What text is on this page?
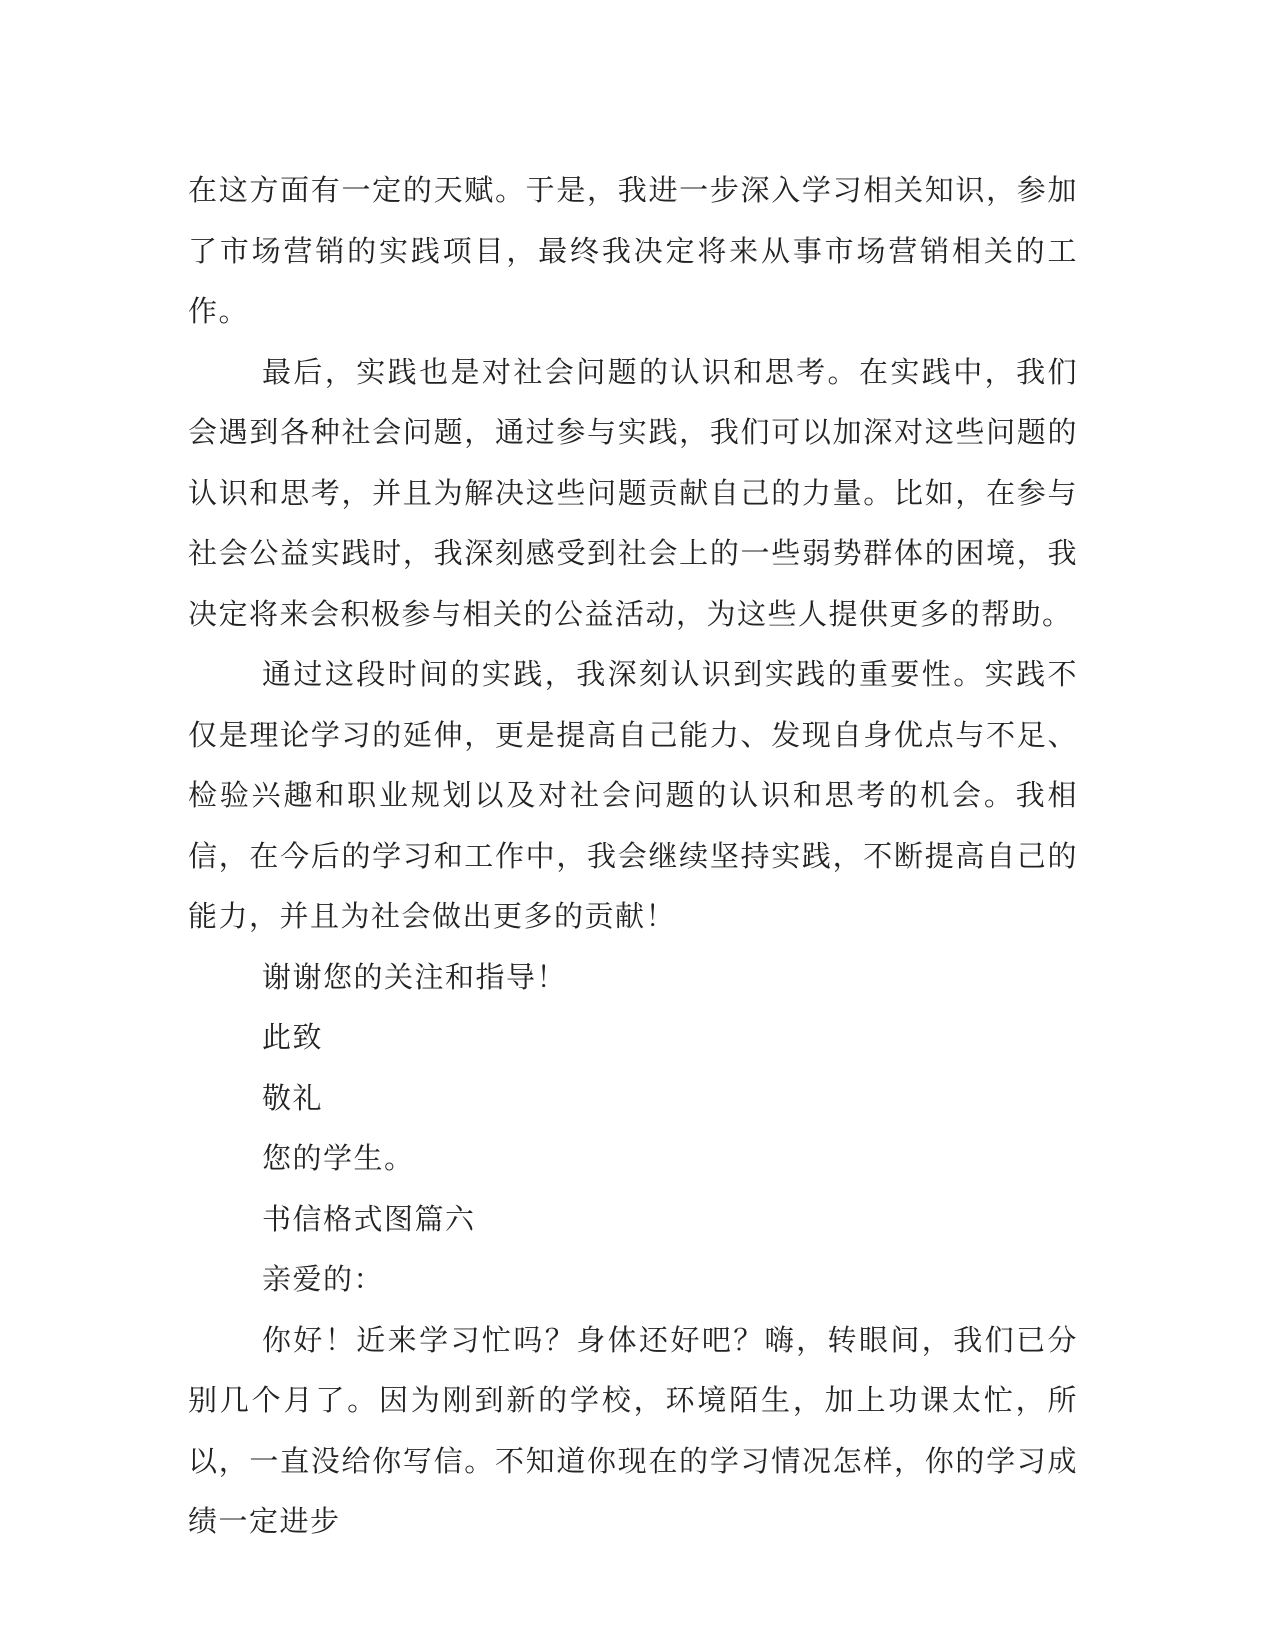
在这方面有一定的天赋。于是，我进一步深入学习相关知识，参加了市场营销的实践项目，最终我决定将来从事市场营销相关的工作。

最后，实践也是对社会问题的认识和思考。在实践中，我们会遇到各种社会问题，通过参与实践，我们可以加深对这些问题的认识和思考，并且为解决这些问题贡献自己的力量。比如，在参与社会公益实践时，我深刻感受到社会上的一些弱势群体的困境，我决定将来会积极参与相关的公益活动，为这些人提供更多的帮助。

通过这段时间的实践，我深刻认识到实践的重要性。实践不仅是理论学习的延伸，更是提高自己能力、发现自身优点与不足、检验兴趣和职业规划以及对社会问题的认识和思考的机会。我相信，在今后的学习和工作中，我会继续坚持实践，不断提高自己的能力，并且为社会做出更多的贡献！

谢谢您的关注和指导！

此致

敬礼

您的学生。

书信格式图篇六

亲爱的：

你好！近来学习忙吗？身体还好吧？嗨，转眼间，我们已分别几个月了。因为刚到新的学校，环境陌生，加上功课太忙，所以，一直没给你写信。不知道你现在的学习情况怎样，你的学习成绩一定进步
